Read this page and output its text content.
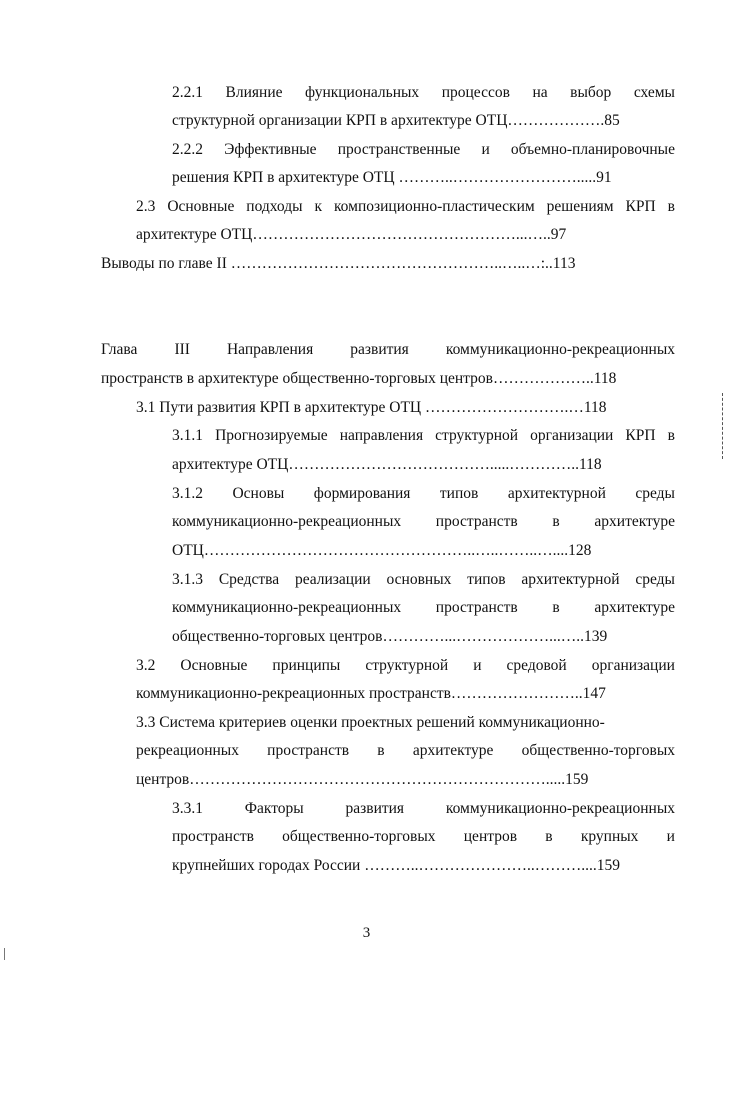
2.2.1 Влияние функциональных процессов на выбор схемы
структурной организации КРП в архитектуре ОТЦ……………….85
2.2.2 Эффективные пространственные и объемно-планировочные
решения КРП в архитектуре ОТЦ ………..…………………….....91
2.3 Основные подходы к композиционно-пластическим решениям КРП в
архитектуре ОТЦ……………………………………………...…..97
Выводы по главе II ……………………………………………..…..…:..113
Глава III Направления развития коммуникационно-рекреационных
пространств в архитектуре общественно-торговых центров………………..118
3.1 Пути развития КРП в архитектуре ОТЦ ……………………….…118
3.1.1 Прогнозируемые направления структурной организации КРП в
архитектуре ОТЦ………………………………….....…………..118
3.1.2 Основы формирования типов архитектурной среды
коммуникационно-рекреационных пространств в архитектуре
ОТЦ……………………………………………..…..……..…....128
3.1.3 Средства реализации основных типов архитектурной среды
коммуникационно-рекреационных пространств в архитектуре
общественно-торговых центров…………...………………...…..139
3.2 Основные принципы структурной и средовой организации
коммуникационно-рекреационных пространств……………………..147
3.3 Система критериев оценки проектных решений коммуникационно-
рекреационных пространств в архитектуре общественно-торговых
центров…………………………………………………………….....159
3.3.1	Факторы	развития	коммуникационно-рекреационных
пространств общественно-торговых центров в крупных и
крупнейших городах России ………..…………………..………....159
3
